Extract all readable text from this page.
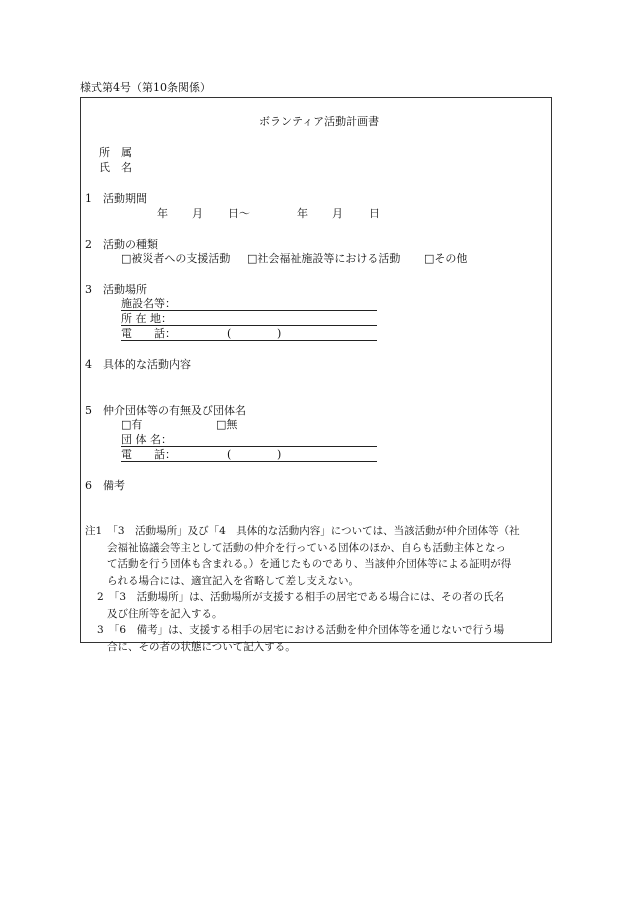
様式第4号（第10条関係）
ボランティア活動計画書
所　属
氏　名
1　活動期間
年 月 日〜	年 月 日
2　活動の種類
□被災者への支援活動 □社会福祉施設等における活動 □その他
3　活動場所
施設名等：
所 在 地：
電　　話：	(	)
4　具体的な活動内容
5　仲介団体等の有無及び団体名
□有	□無
団 体 名：
電　　話：	(	)
6　備考
注1　「3　活動場所」及び「4　具体的な活動内容」については、当該活動が仲介団体等（社
会福祉協議会等主として活動の仲介を行っている団体のほか、自らも活動主体となっ
て活動を行う団体も含まれる。）を通じたものであり、当該仲介団体等による証明が得
られる場合には、適宜記入を省略して差し支えない。
2　「3　活動場所」は、活動場所が支援する相手の居宅である場合には、その者の氏名
及び住所等を記入する。
3　「6　備考」は、支援する相手の居宅における活動を仲介団体等を通じないで行う場
合に、その者の状態について記入する。
